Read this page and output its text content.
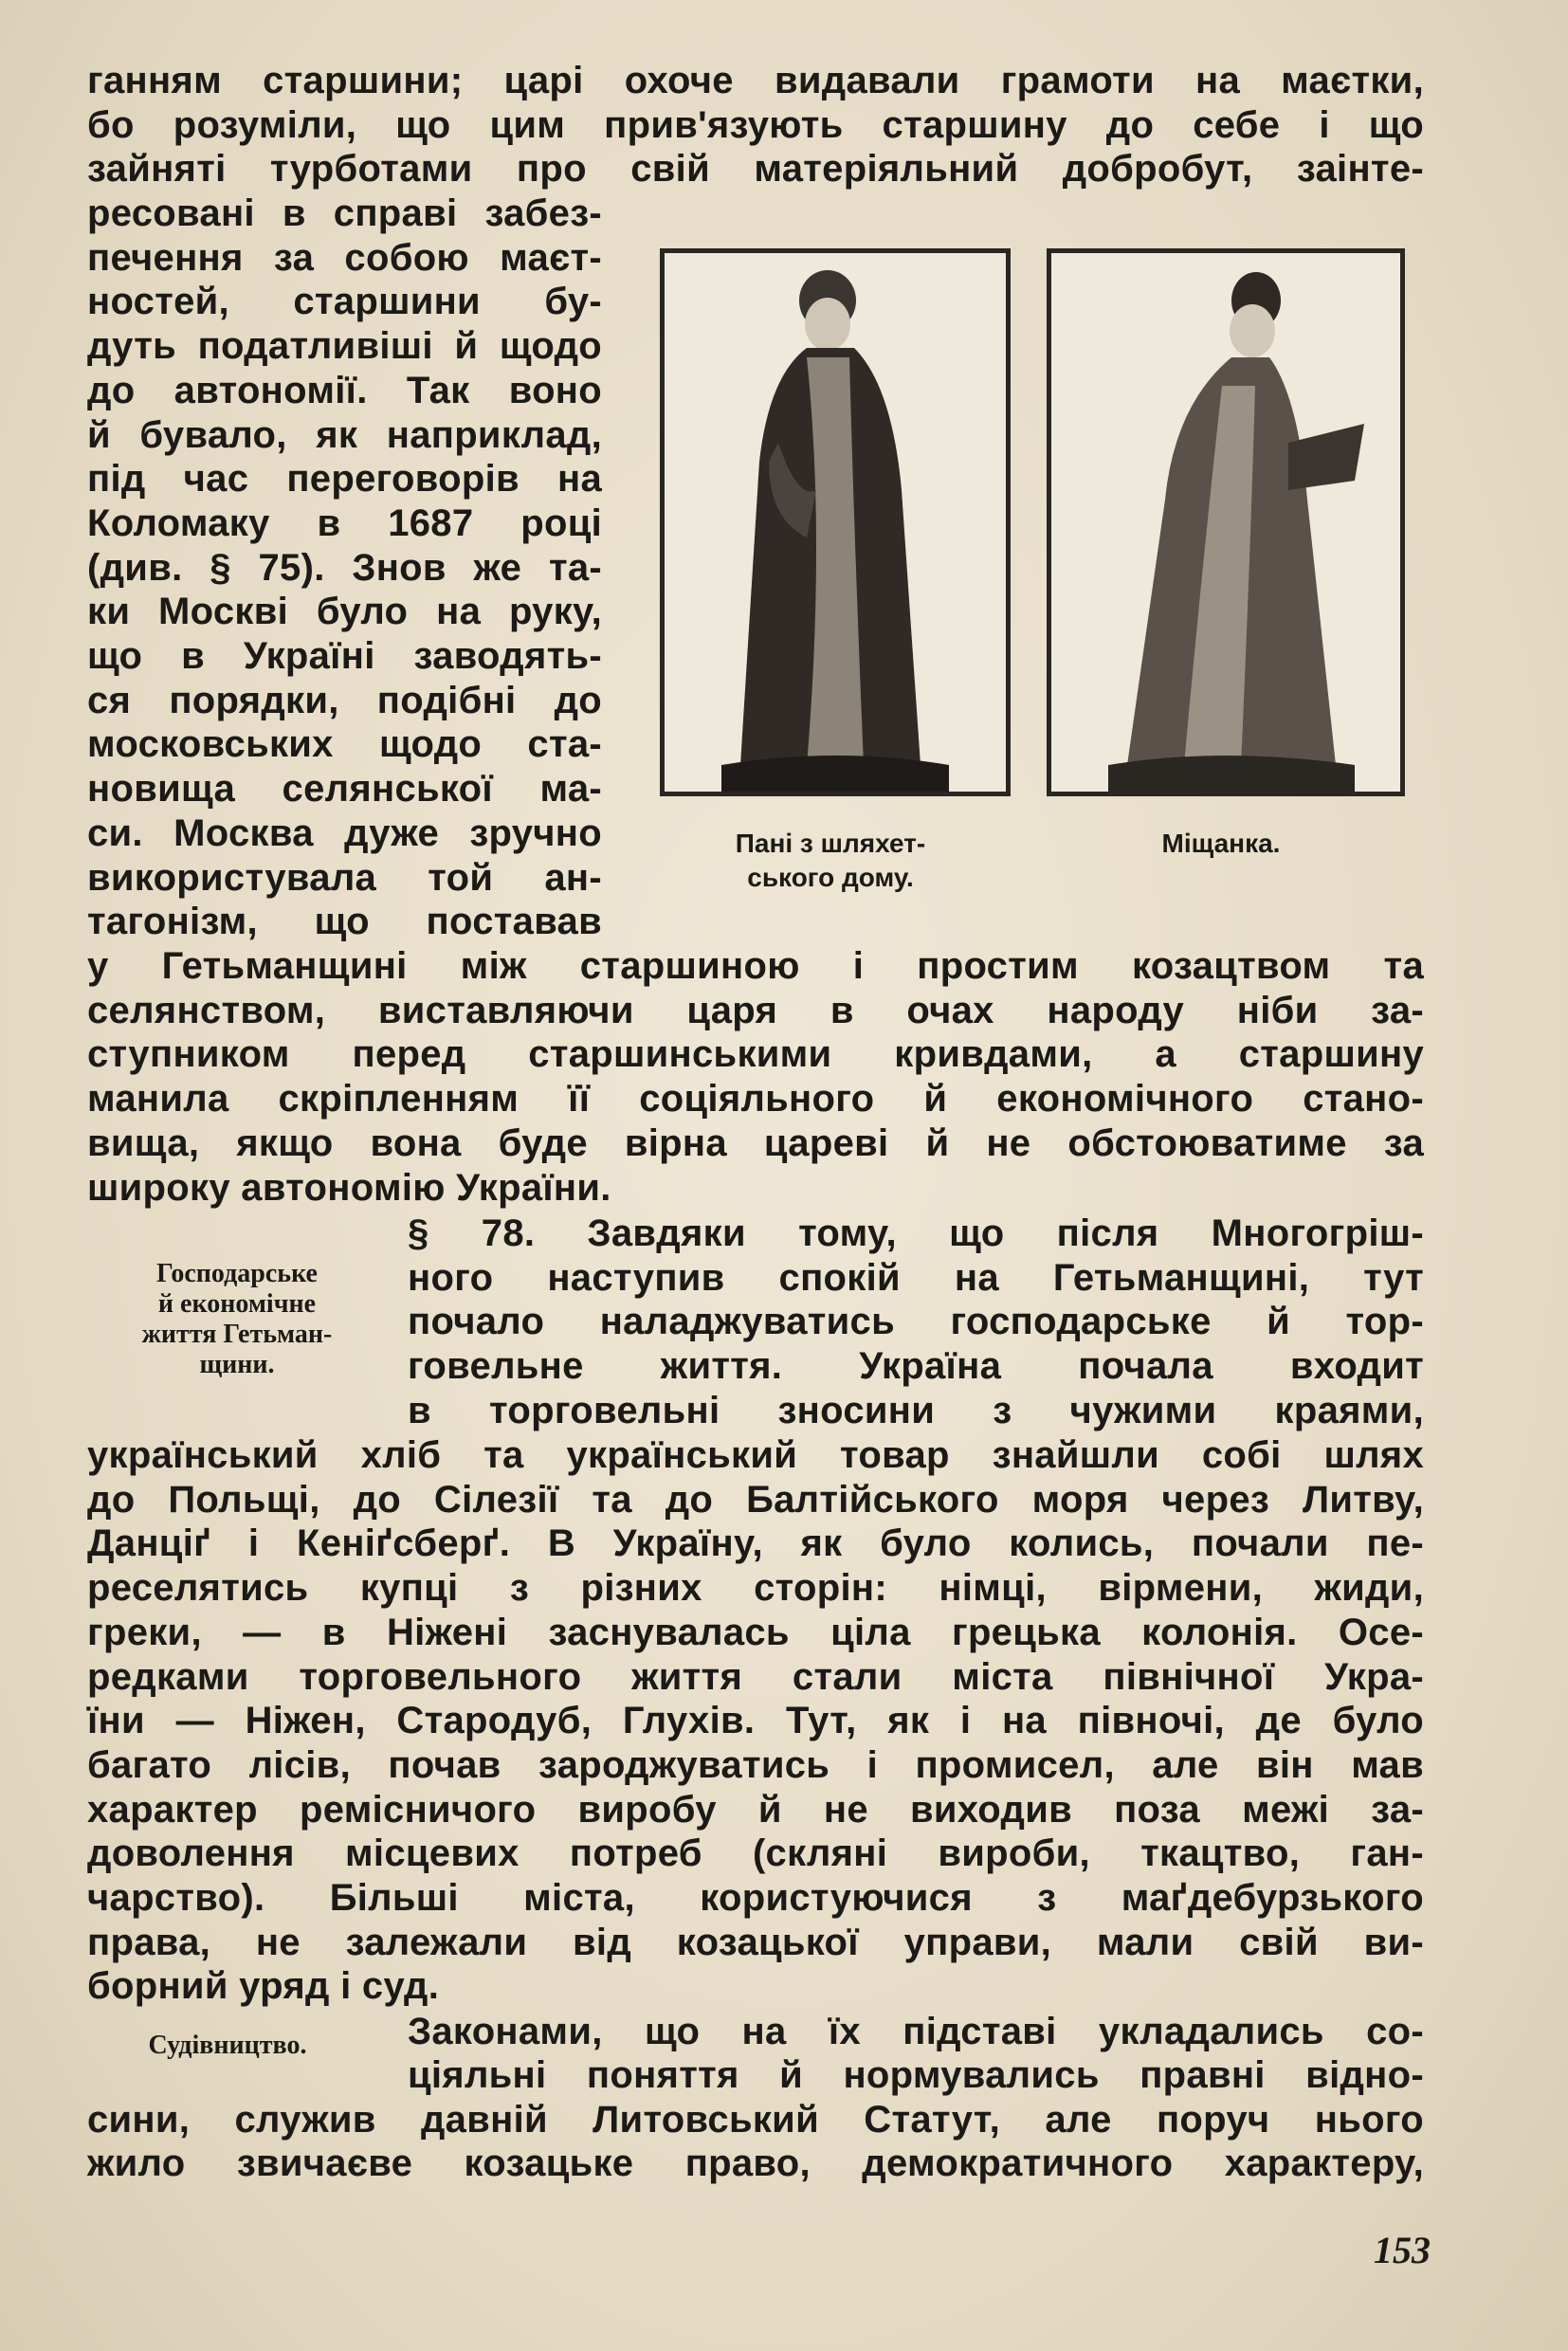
ганням старшини; царі охоче видавали грамоти на маєтки,
бо розуміли, що цим прив'язують старшину до себе і що
зайняті турботами про свій матеріяльний добробут, заінте-
ресовані в справі забез-
печення за собою маєт-
ностей, старшини бу-
дуть податливіші й щодо
до автономії. Так воно
й бувало, як наприклад,
під час переговорів на
Коломаку в 1687 році
(див. § 75). Знов же та-
ки Москві було на руку,
що в Україні заводять-
ся порядки, подібні до
московських щодо ста-
новища селянської ма-
си. Москва дуже зручно
використувала той ан-
тагонізм, що поставав
Пані з шляхет-
ського дому.
Міщанка.
у Гетьманщині між старшиною і простим козацтвом та
селянством, виставляючи царя в очах народу ніби за-
ступником перед старшинськими кривдами, а старшину
манила скріпленням її соціяльного й економічного стано-
вища, якщо вона буде вірна цареві й не обстоюватиме за
широку автономію України.
Господарське
й економічне
життя Гетьман-
щини.
§ 78. Завдяки тому, що після Многогріш-
ного наступив спокій на Гетьманщині, тут
почало наладжуватись господарське й тор-
говельне життя. Україна почала входит
в торговельні зносини з чужими краями,
український хліб та український товар знайшли собі шлях
до Польщі, до Сілезії та до Балтійського моря через Литву,
Данціґ і Кеніґсберґ. В Україну, як було колись, почали пе-
реселятись купці з різних сторін: німці, вірмени, жиди,
греки, — в Ніжені заснувалась ціла грецька колонія. Осе-
редками торговельного життя стали міста північної Укра-
їни — Ніжен, Стародуб, Глухів. Тут, як і на півночі, де було
багато лісів, почав зароджуватись і промисел, але він мав
характер ремісничого виробу й не виходив поза межі за-
доволення місцевих потреб (скляні вироби, ткацтво, ган-
чарство). Більші міста, користуючися з маґдебурзького
права, не залежали від козацької управи, мали свій ви-
борний уряд і суд.
Судівництво.	Законами, що на їх підставі укладались со-
ціяльні поняття й нормувались правні відно-
сини, служив давній Литовський Статут, але поруч нього
жило звичаєве козацьке право, демократичного характеру,
153
